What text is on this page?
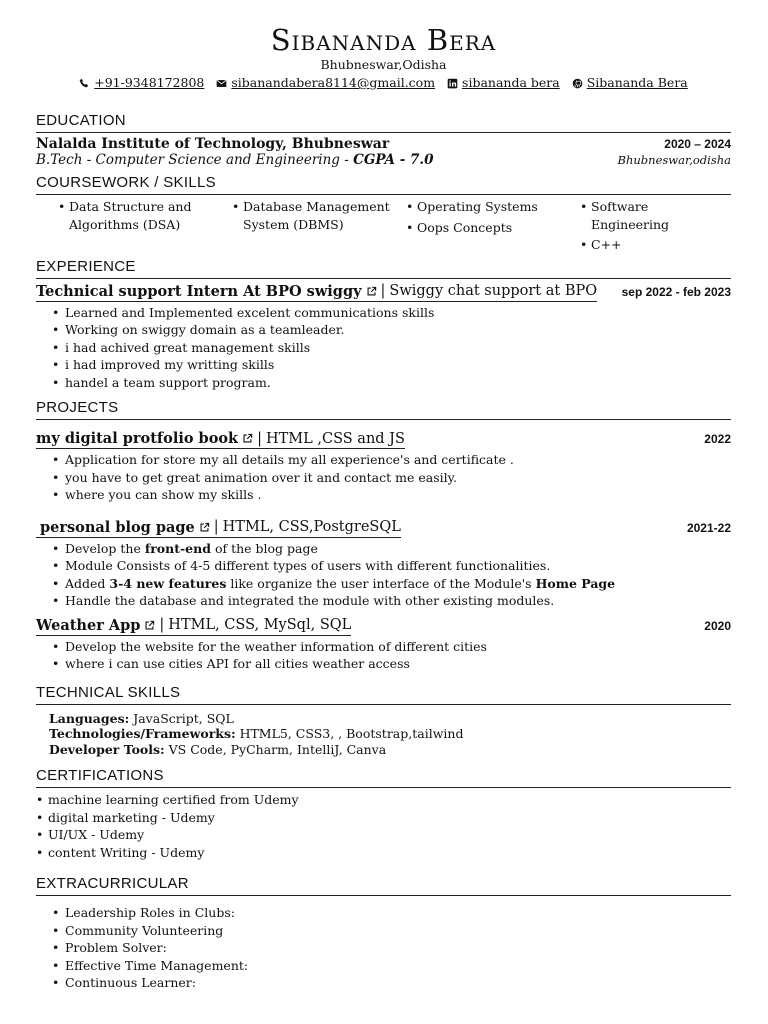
Sibananda Bera
Bhubneswar,Odisha
+91-9348172808 sibanandabera8114@gmail.com sibananda bera Sibananda Bera
EDUCATION
Nalalda Institute of Technology, Bhubneswar	2020 – 2024
B.Tech - Computer Science and Engineering - CGPA - 7.0	Bhubneswar,odisha
COURSEWORK / SKILLS
• Data Structure and Algorithms (DSA)
• Database Management System (DBMS)
• Operating Systems
• Oops Concepts
• Software Engineering
• C++
EXPERIENCE
Technical support Intern At BPO swiggy | Swiggy chat support at BPO sep 2022 - feb 2023
• Learned and Implemented excelent communications skills
• Working on swiggy domain as a teamleader.
• i had achived great management skills
• i had improved my writting skills
• handel a team support program.
PROJECTS
my digital protfolio book | HTML ,CSS and JS	2022
• Application for store my all details my all experience's and certificate .
• you have to get great animation over it and contact me easily.
• where you can show my skills .
personal blog page | HTML, CSS,PostgreSQL	2021-22
• Develop the front-end of the blog page
• Module Consists of 4-5 different types of users with different functionalities.
• Added 3-4 new features like organize the user interface of the Module's Home Page
• Handle the database and integrated the module with other existing modules.
Weather App | HTML, CSS, MySql, SQL	2020
• Develop the website for the weather information of different cities
• where i can use cities API for all cities weather access
TECHNICAL SKILLS
Languages: JavaScript, SQL
Technologies/Frameworks: HTML5, CSS3, , Bootstrap,tailwind
Developer Tools: VS Code, PyCharm, IntelliJ, Canva
CERTIFICATIONS
• machine learning certified from Udemy
• digital marketing - Udemy
• UI/UX - Udemy
• content Writing - Udemy
EXTRACURRICULAR
• Leadership Roles in Clubs:
• Community Volunteering
• Problem Solver:
• Effective Time Management:
• Continuous Learner:
